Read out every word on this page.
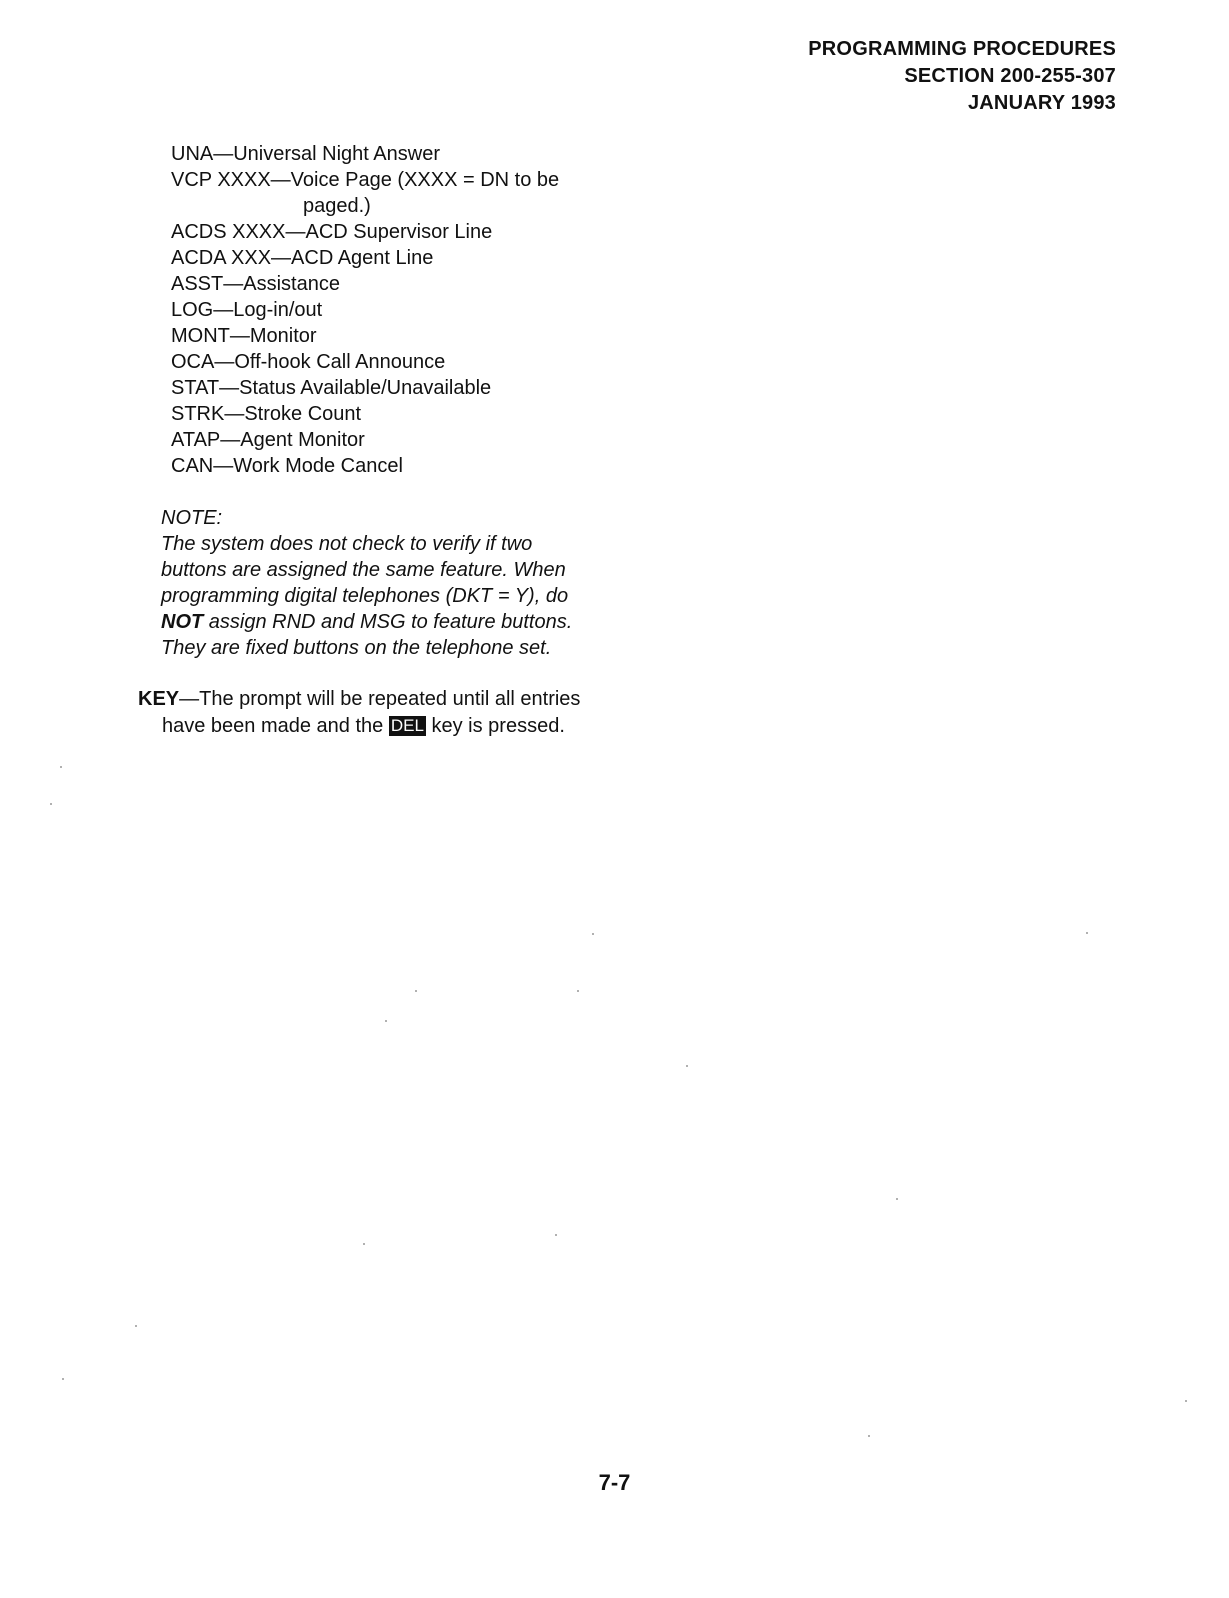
PROGRAMMING PROCEDURES
SECTION 200-255-307
JANUARY 1993
UNA—Universal Night Answer
VCP XXXX—Voice Page (XXXX = DN to be
paged.)
ACDS XXXX—ACD Supervisor Line
ACDA XXX—ACD Agent Line
ASST—Assistance
LOG—Log-in/out
MONT—Monitor
OCA—Off-hook Call Announce
STAT—Status Available/Unavailable
STRK—Stroke Count
ATAP—Agent Monitor
CAN—Work Mode Cancel
NOTE:
The system does not check to verify if two buttons are assigned the same feature. When programming digital telephones (DKT = Y), do NOT assign RND and MSG to feature buttons. They are fixed buttons on the telephone set.
KEY—The prompt will be repeated until all entries
have been made and the DEL key is pressed.
7-7
